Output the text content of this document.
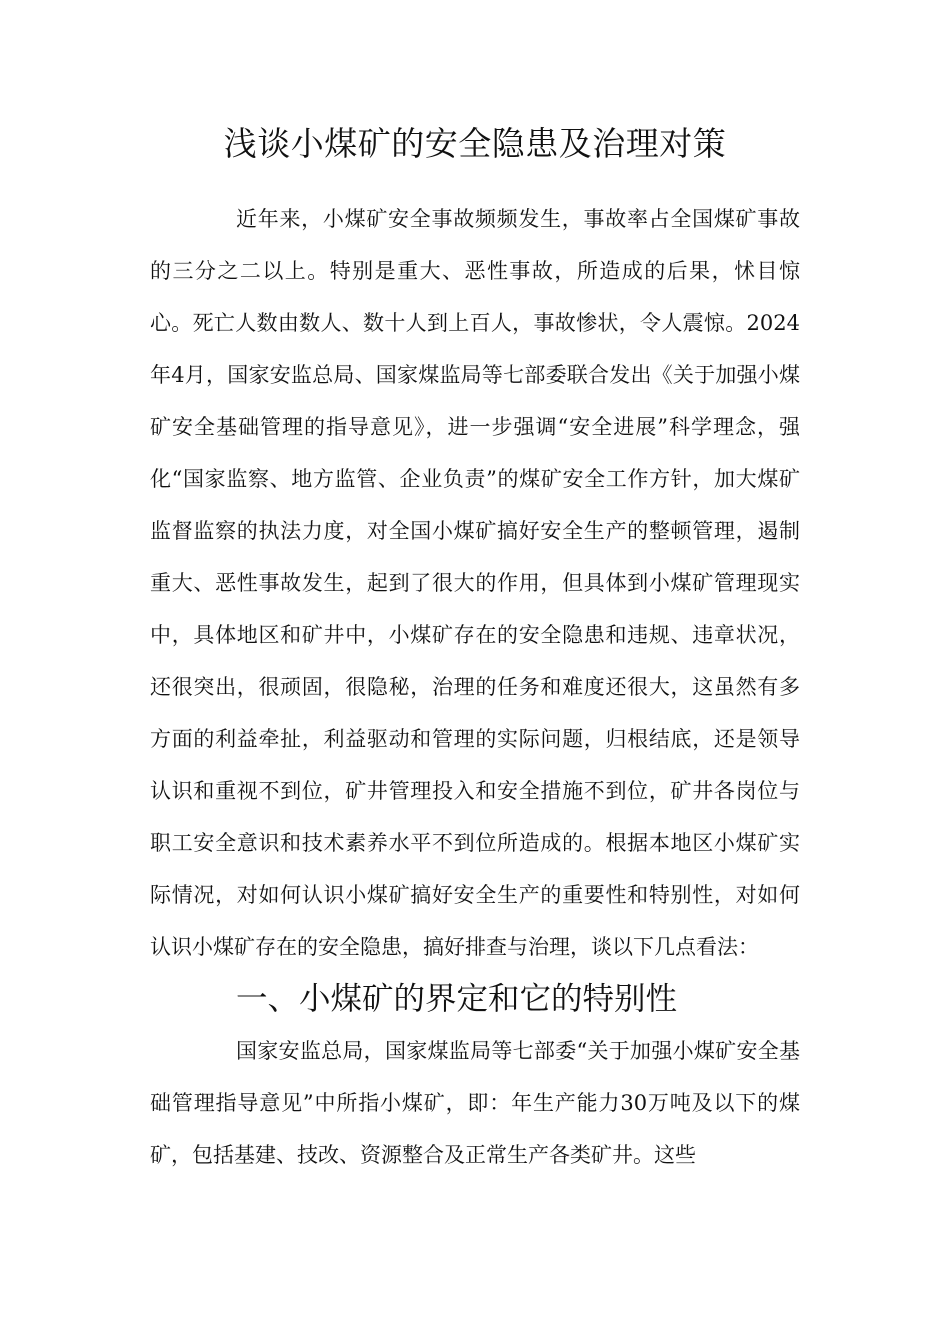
浅谈小煤矿的安全隐患及治理对策

近年来，小煤矿安全事故频频发生，事故率占全国煤矿事故的三分之二以上。特别是重大、恶性事故，所造成的后果，怵目惊心。死亡人数由数人、数十人到上百人，事故惨状，令人震惊。2024年4月，国家安监总局、国家煤监局等七部委联合发出《关于加强小煤矿安全基础管理的指导意见》，进一步强调“安全进展”科学理念，强化“国家监察、地方监管、企业负责”的煤矿安全工作方针，加大煤矿监督监察的执法力度，对全国小煤矿搞好安全生产的整顿管理，遏制重大、恶性事故发生，起到了很大的作用，但具体到小煤矿管理现实中，具体地区和矿井中，小煤矿存在的安全隐患和违规、违章状况，还很突出，很顽固，很隐秘，治理的任务和难度还很大，这虽然有多方面的利益牵扯，利益驱动和管理的实际问题，归根结底，还是领导认识和重视不到位，矿井管理投入和安全措施不到位，矿井各岗位与职工安全意识和技术素养水平不到位所造成的。根据本地区小煤矿实际情况，对如何认识小煤矿搞好安全生产的重要性和特别性，对如何认识小煤矿存在的安全隐患，搞好排查与治理，谈以下几点看法：

一、小煤矿的界定和它的特别性

国家安监总局，国家煤监局等七部委“关于加强小煤矿安全基础管理指导意见”中所指小煤矿，即：年生产能力30万吨及以下的煤矿，包括基建、技改、资源整合及正常生产各类矿井。这些
